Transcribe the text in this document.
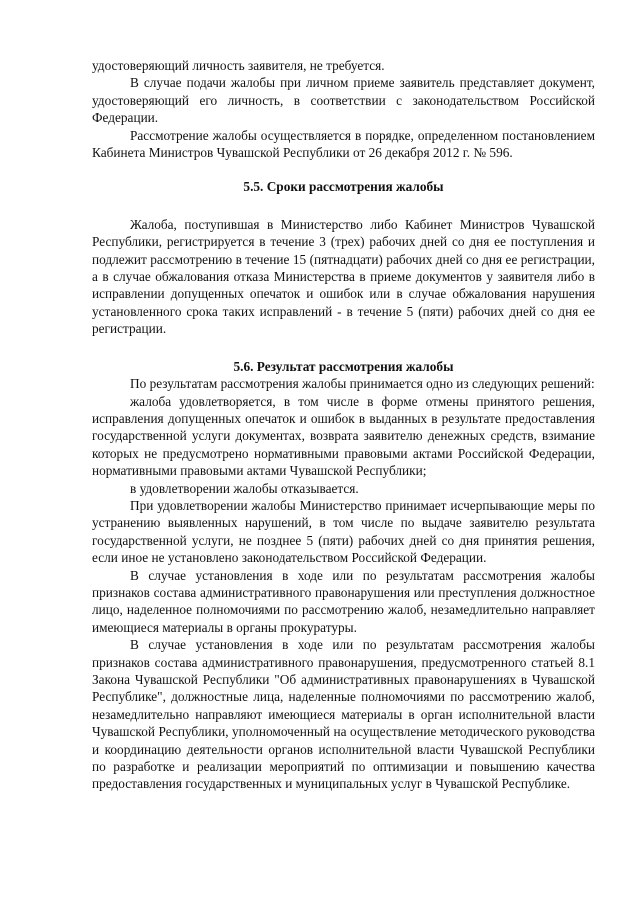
удостоверяющий личность заявителя, не требуется.

В случае подачи жалобы при личном приеме заявитель представляет документ, удостоверяющий его личность, в соответствии с законодательством Российской Федерации.

Рассмотрение жалобы осуществляется в порядке, определенном постановлением Кабинета Министров Чувашской Республики от 26 декабря 2012 г. № 596.

5.5. Сроки рассмотрения жалобы

Жалоба, поступившая в Министерство либо Кабинет Министров Чувашской Республики, регистрируется в течение 3 (трех) рабочих дней со дня ее поступления и подлежит рассмотрению в течение 15 (пятнадцати) рабочих дней со дня ее регистрации, а в случае обжалования отказа Министерства в приеме документов у заявителя либо в исправлении допущенных опечаток и ошибок или в случае обжалования нарушения установленного срока таких исправлений - в течение 5 (пяти) рабочих дней со дня ее регистрации.

5.6. Результат рассмотрения жалобы

По результатам рассмотрения жалобы принимается одно из следующих решений:

жалоба удовлетворяется, в том числе в форме отмены принятого решения, исправления допущенных опечаток и ошибок в выданных в результате предоставления государственной услуги документах, возврата заявителю денежных средств, взимание которых не предусмотрено нормативными правовыми актами Российской Федерации, нормативными правовыми актами Чувашской Республики;

в удовлетворении жалобы отказывается.

При удовлетворении жалобы Министерство принимает исчерпывающие меры по устранению выявленных нарушений, в том числе по выдаче заявителю результата государственной услуги, не позднее 5 (пяти) рабочих дней со дня принятия решения, если иное не установлено законодательством Российской Федерации.

В случае установления в ходе или по результатам рассмотрения жалобы признаков состава административного правонарушения или преступления должностное лицо, наделенное полномочиями по рассмотрению жалоб, незамедлительно направляет имеющиеся материалы в органы прокуратуры.

В случае установления в ходе или по результатам рассмотрения жалобы признаков состава административного правонарушения, предусмотренного статьей 8.1 Закона Чувашской Республики "Об административных правонарушениях в Чувашской Республике", должностные лица, наделенные полномочиями по рассмотрению жалоб, незамедлительно направляют имеющиеся материалы в орган исполнительной власти Чувашской Республики, уполномоченный на осуществление методического руководства и координацию деятельности органов исполнительной власти Чувашской Республики по разработке и реализации мероприятий по оптимизации и повышению качества предоставления государственных и муниципальных услуг в Чувашской Республике.
